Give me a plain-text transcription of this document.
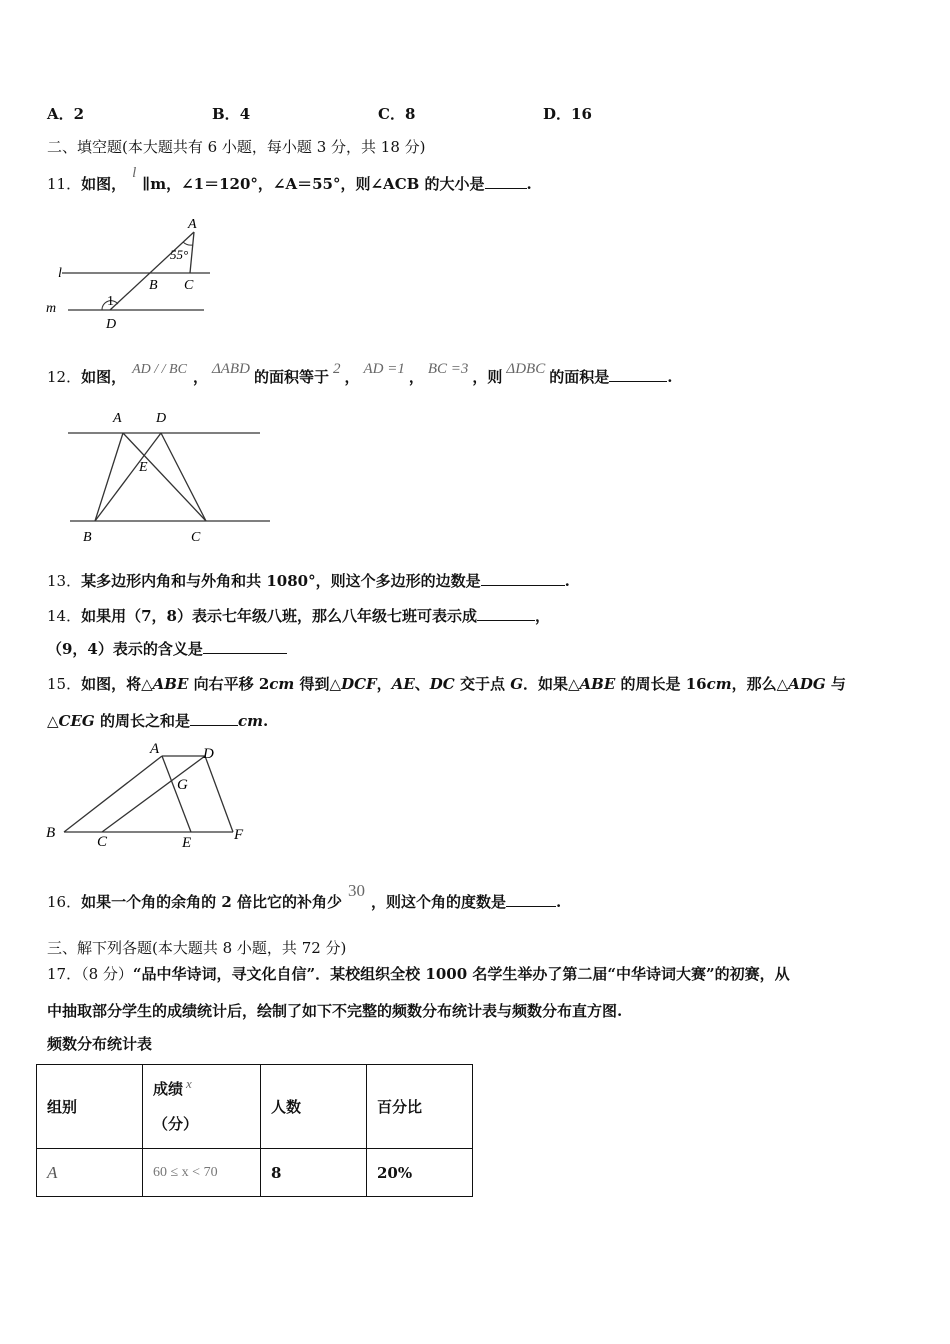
A．2	B．4	C．8	D．16
二、填空题(本大题共有 6 小题，每小题 3 分，共 18 分)
11．如图，l∥m，∠1＝120°，∠A＝55°，则∠ACB 的大小是	.
A
55°
B C
l
m	1
D
12．如图， AD / / BC ， ΔABD 的面积等于 2 ， AD =1 ， BC =3 ，则 ΔDBC 的面积是	.
A D
E
B	C
13．某多边形内角和与外角和共 1080°，则这个多边形的边数是	.
14．如果用（7，8）表示七年级八班，那么八年级七班可表示成	，
（9，4）表示的含义是
15．如图，将△ABE 向右平移 2cm 得到△DCF，AE、DC 交于点 G．如果△ABE 的周长是 16cm，那么△ADG 与
△CEG 的周长之和是	cm.
A	D
G
B
C	E	F
16．如果一个角的余角的 2 倍比它的补角少30，则这个角的度数是	.
三、解下列各题(本大题共 8 小题，共 72 分)
17．（8 分）“品中华诗词，寻文化自信”．某校组织全校 1000 名学生举办了第二届“中华诗词大赛”的初赛，从
中抽取部分学生的成绩统计后，绘制了如下不完整的频数分布统计表与频数分布直方图.
频数分布统计表
组别	成绩 x
（分）	人数	百分比
A	60 ≤ x < 70	8	20%
